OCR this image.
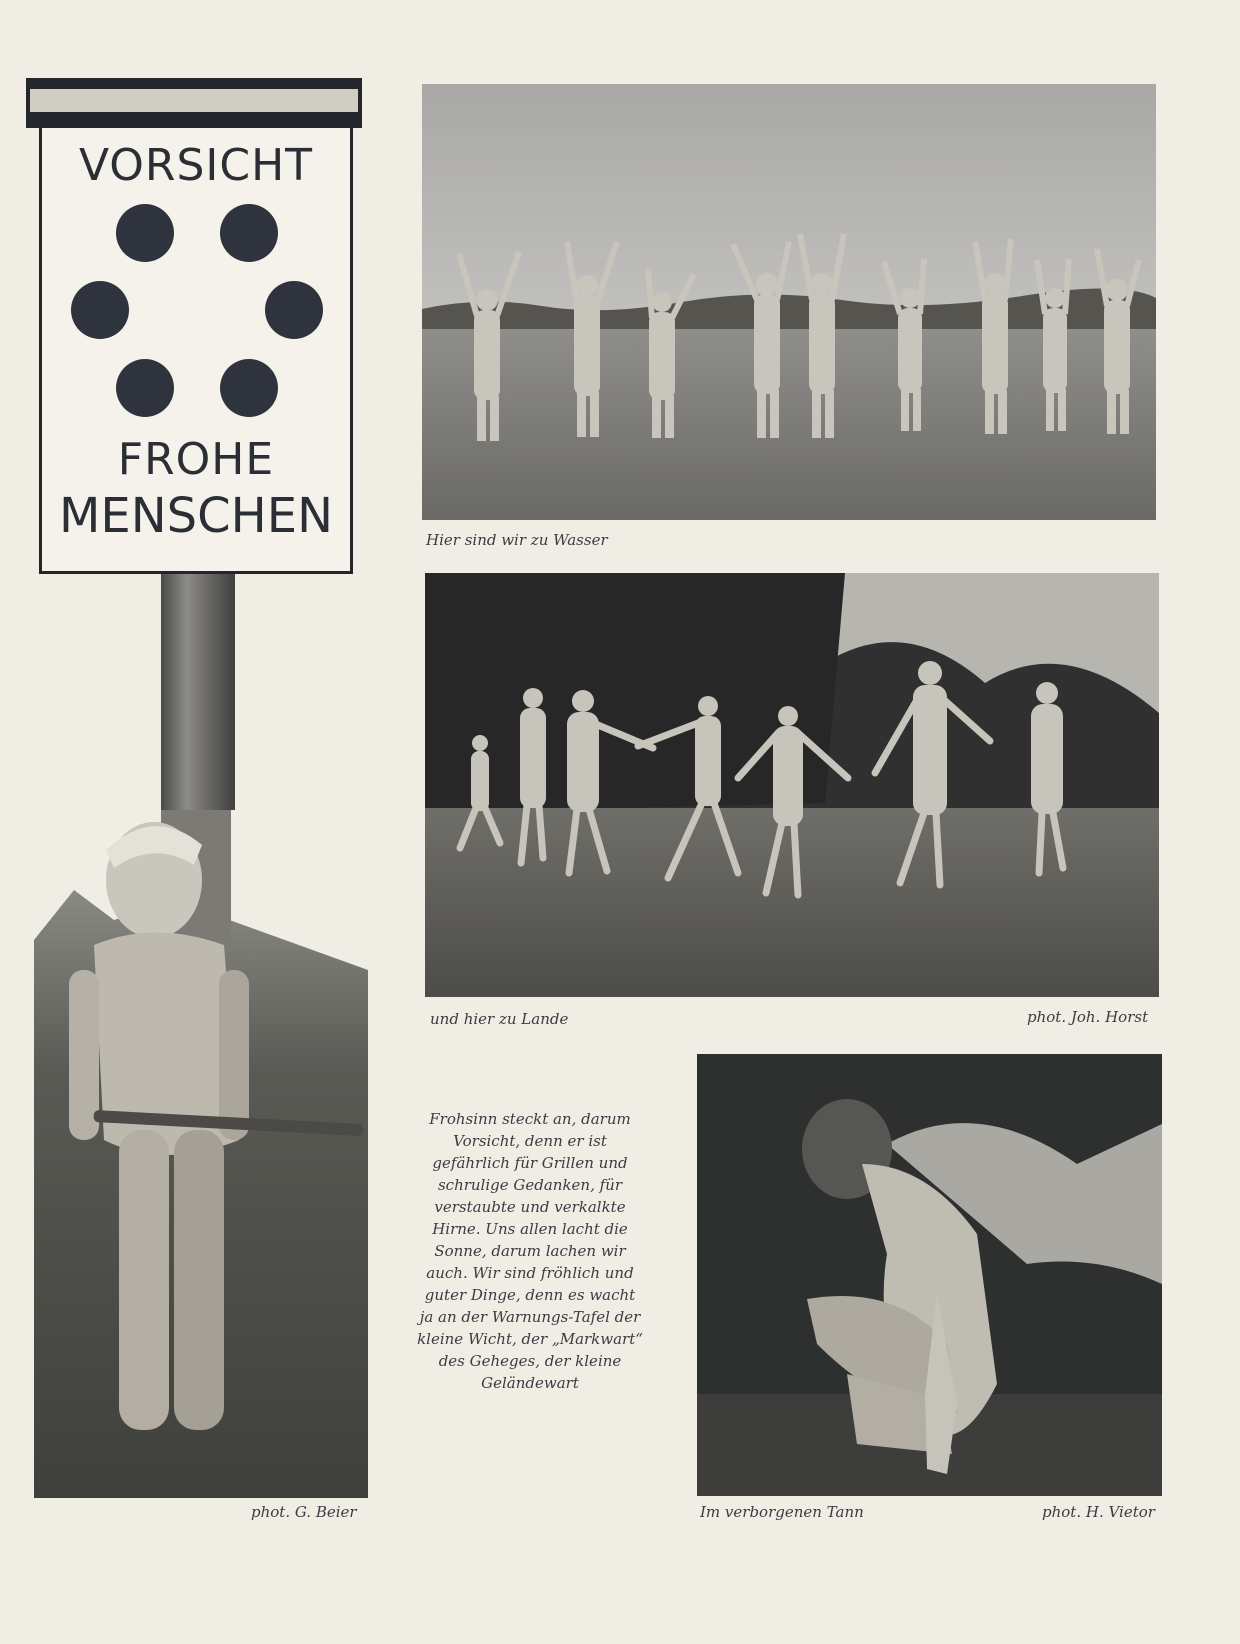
VORSICHT
FROHE
MENSCHEN	Hier sind wir zu Wasser
und hier zu Lande	phot. Joh. Horst
Frohsinn steckt an, darum Vorsicht, denn er ist gefährlich für Grillen und schrulige Gedanken, für verstaubte und verkalkte Hirne. Uns allen lacht die Sonne, darum lachen wir auch. Wir sind fröhlich und guter Dinge, denn es wacht ja an der Warnungs-Tafel der kleine Wicht, der „Markwart“ des Geheges, der kleine Geländewart
phot. G. Beier	Im verborgenen Tann	phot. H. Vietor
